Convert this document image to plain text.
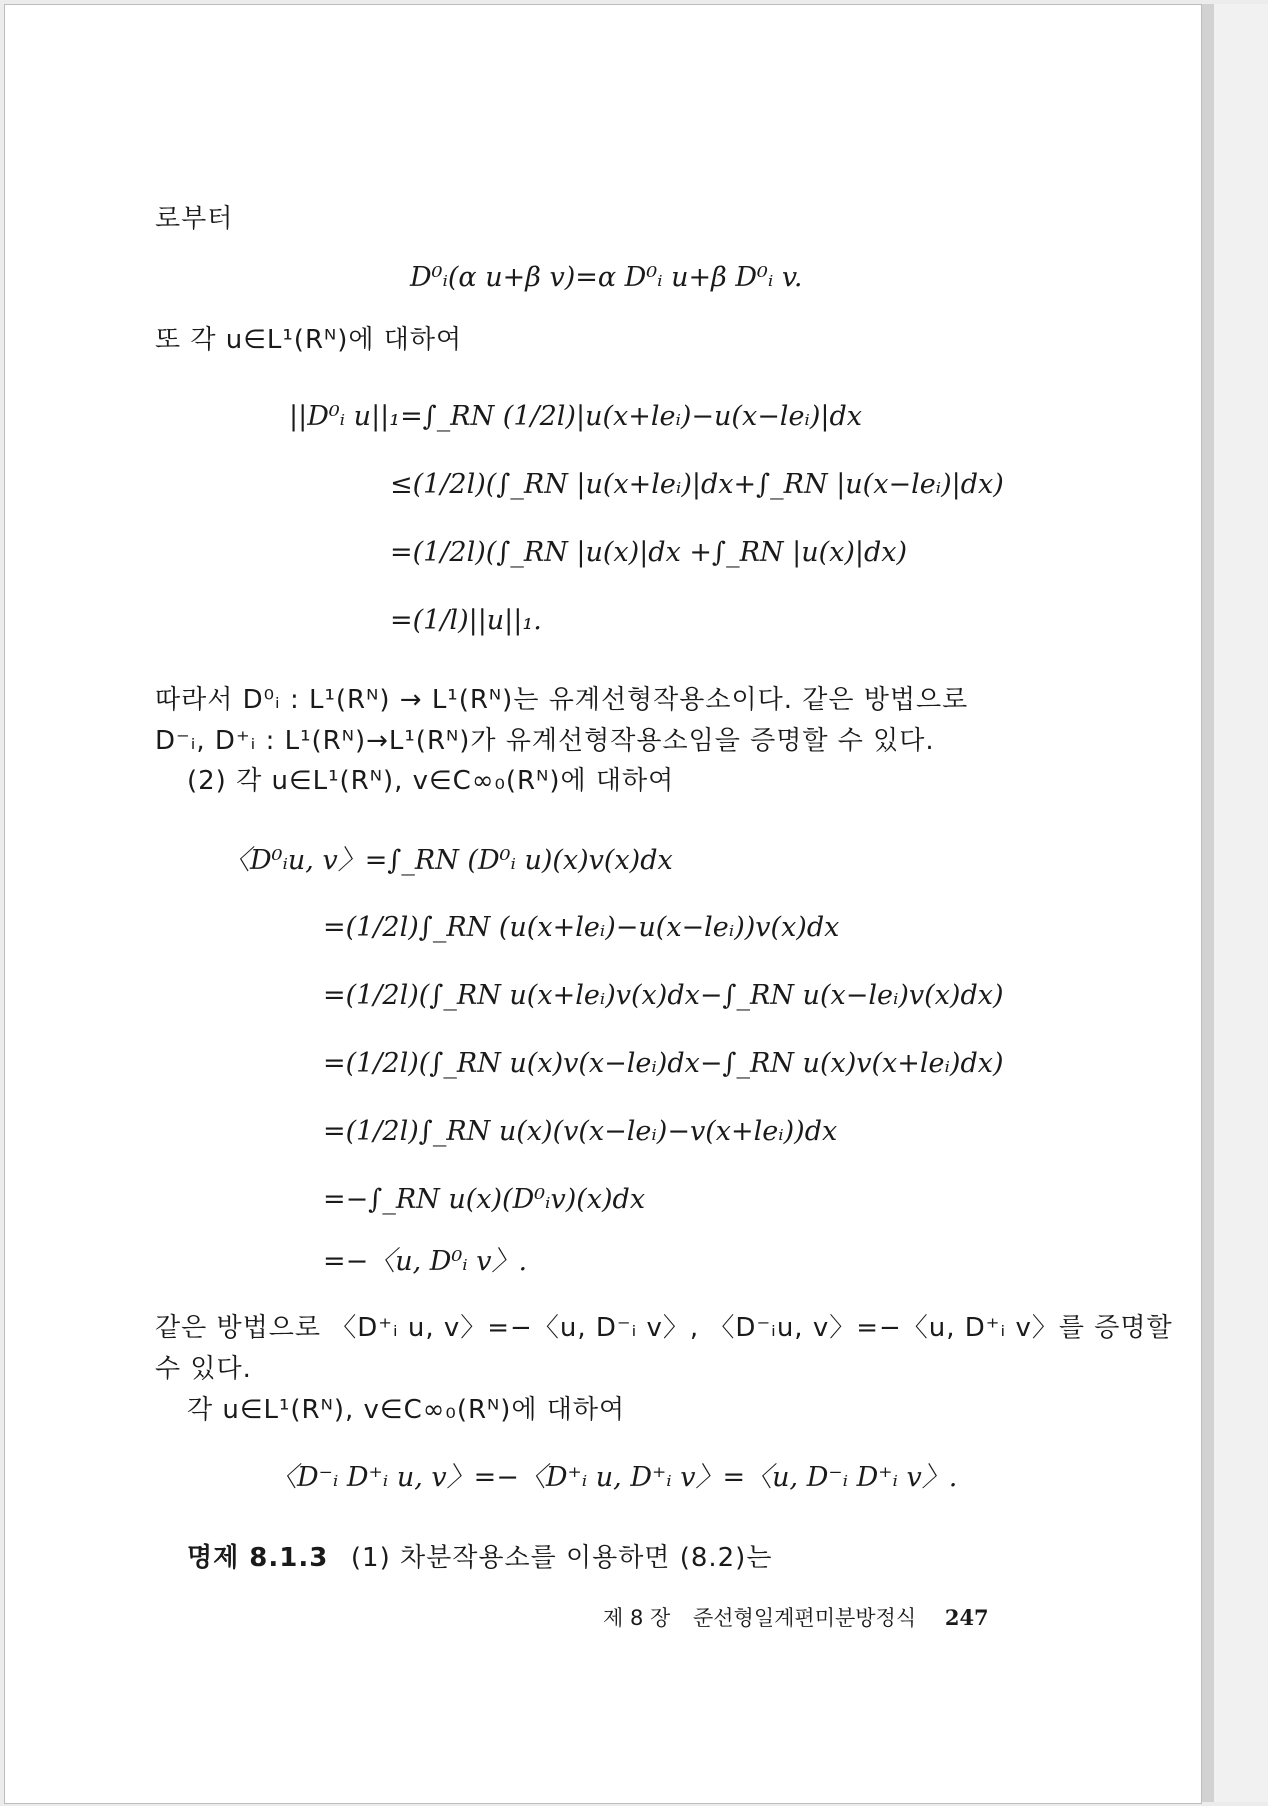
로부터
D⁰ᵢ(α u+β v)=α D⁰ᵢ u+β D⁰ᵢ v.
또 각 u∈L¹(Rᴺ)에 대하여
||D⁰ᵢ u||₁=∫_RN (1/2l)|u(x+leᵢ)−u(x−leᵢ)|dx
≤(1/2l)(∫_RN |u(x+leᵢ)|dx+∫_RN |u(x−leᵢ)|dx)
=(1/2l)(∫_RN |u(x)|dx +∫_RN |u(x)|dx)
=(1/l)||u||₁.
따라서 D⁰ᵢ : L¹(Rᴺ) → L¹(Rᴺ)는 유계선형작용소이다. 같은 방법으로
D⁻ᵢ, D⁺ᵢ : L¹(Rᴺ)→L¹(Rᴺ)가 유계선형작용소임을 증명할 수 있다.
(2) 각 u∈L¹(Rᴺ), v∈C∞₀(Rᴺ)에 대하여
〈D⁰ᵢu, v〉=∫_RN (D⁰ᵢ u)(x)v(x)dx
=(1/2l)∫_RN (u(x+leᵢ)−u(x−leᵢ))v(x)dx
=(1/2l)(∫_RN u(x+leᵢ)v(x)dx−∫_RN u(x−leᵢ)v(x)dx)
=(1/2l)(∫_RN u(x)v(x−leᵢ)dx−∫_RN u(x)v(x+leᵢ)dx)
=(1/2l)∫_RN u(x)(v(x−leᵢ)−v(x+leᵢ))dx
=−∫_RN u(x)(D⁰ᵢv)(x)dx
=−〈u, D⁰ᵢ v〉.
같은 방법으로 〈D⁺ᵢ u, v〉=−〈u, D⁻ᵢ v〉, 〈D⁻ᵢu, v〉=−〈u, D⁺ᵢ v〉를 증명할
수 있다.
각 u∈L¹(Rᴺ), v∈C∞₀(Rᴺ)에 대하여
〈D⁻ᵢ D⁺ᵢ u, v〉=−〈D⁺ᵢ u, D⁺ᵢ v〉=〈u, D⁻ᵢ D⁺ᵢ v〉.
명제 8.1.3 (1) 차분작용소를 이용하면 (8.2)는
제 8 장 준선형일계편미분방정식 247
